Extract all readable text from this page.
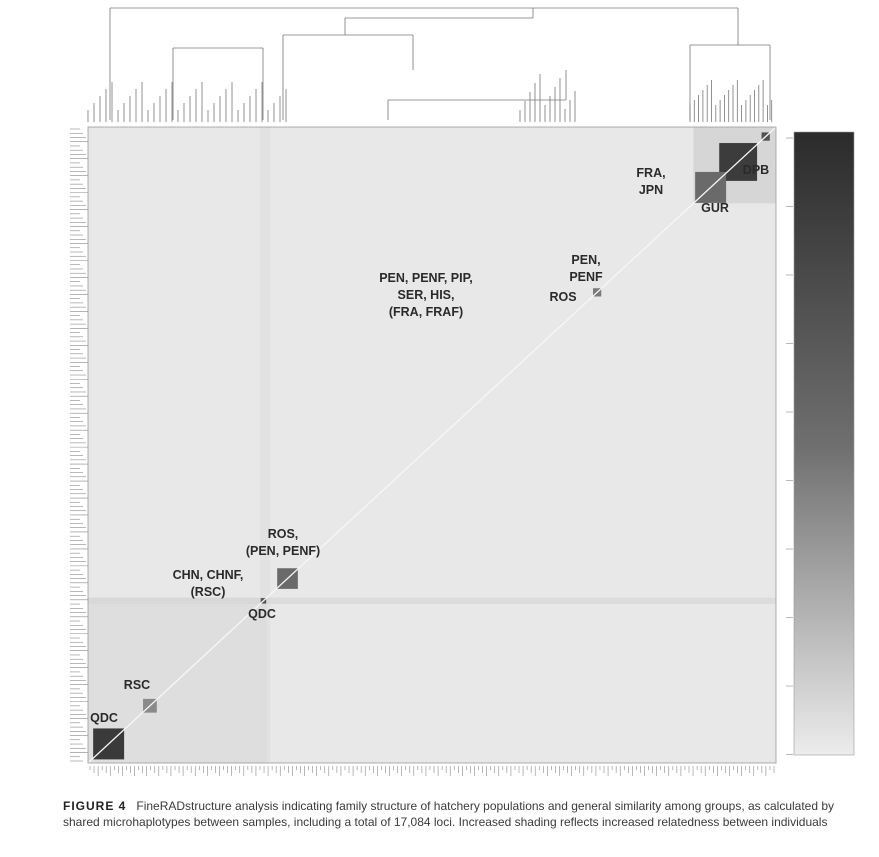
DPB
FRA, JPN
GUR
PEN, PENF
ROS
PEN, PENF, PIP, SER, HIS, (FRA, FRAF)
ROS, (PEN, PENF)
CHN, CHNF, (RSC)
QDC
RSC
QDC
FIGURE 4 FineRADstructure analysis indicating family structure of hatchery populations and general similarity among groups, as calculated by shared microhaplotypes between samples, including a total of 17,084 loci. Increased shading reflects increased relatedness between individuals
